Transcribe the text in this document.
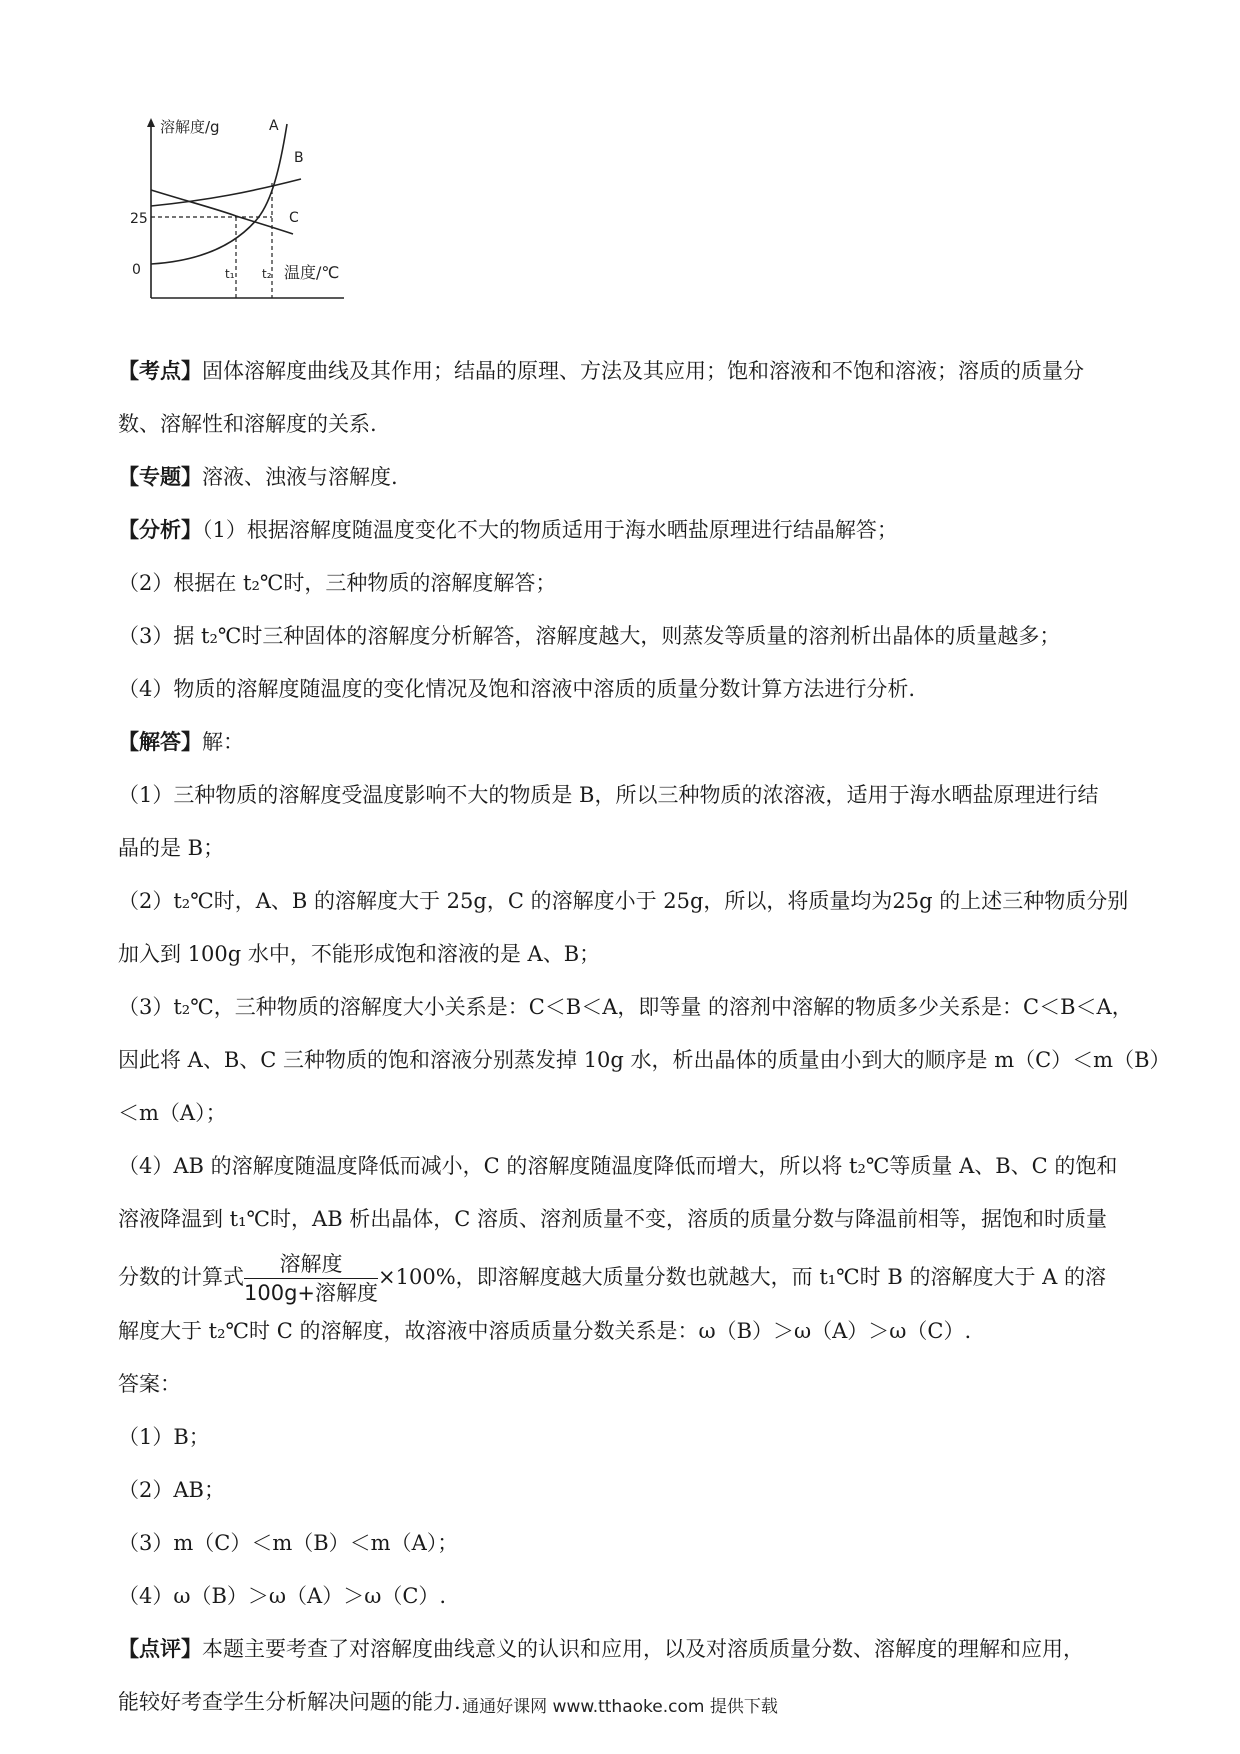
溶解度/g	A
B
C
25
0	t₁ t₂ 温度/℃
【考点】固体溶解度曲线及其作用；结晶的原理、方法及其应用；饱和溶液和不饱和溶液；溶质的质量分
数、溶解性和溶解度的关系.
【专题】溶液、浊液与溶解度.
【分析】（1）根据溶解度随温度变化不大的物质适用于海水晒盐原理进行结晶解答；
（2）根据在 t₂℃时，三种物质的溶解度解答；
（3）据 t₂℃时三种固体的溶解度分析解答，溶解度越大，则蒸发等质量的溶剂析出晶体的质量越多；
（4）物质的溶解度随温度的变化情况及饱和溶液中溶质的质量分数计算方法进行分析.
【解答】解：
（1）三种物质的溶解度受温度影响不大的物质是 B，所以三种物质的浓溶液，适用于海水晒盐原理进行结
晶的是 B；
（2）t₂℃时，A、B 的溶解度大于 25g，C 的溶解度小于 25g，所以，将质量均为25g 的上述三种物质分别
加入到 100g 水中，不能形成饱和溶液的是 A、B；
（3）t₂℃，三种物质的溶解度大小关系是：C＜B＜A，即等量 的溶剂中溶解的物质多少关系是：C＜B＜A，
因此将 A、B、C 三种物质的饱和溶液分别蒸发掉 10g 水，析出晶体的质量由小到大的顺序是 m（C）＜m（B）
＜m（A）；
（4）AB 的溶解度随温度降低而减小，C 的溶解度随温度降低而增大，所以将 t₂℃等质量 A、B、C 的饱和
溶液降温到 t₁℃时，AB 析出晶体，C 溶质、溶剂质量不变，溶质的质量分数与降温前相等，据饱和时质量
分数的计算式 $\frac{\text{溶解度}}{\text{100g+溶解度}} \times 100\%$，即溶解度越大质量分数也就越大，而 t₁℃时 B 的溶解度大于 A 的溶
解度大于 t₂℃时 C 的溶解度，故溶液中溶质质量分数关系是：ω（B）＞ω（A）＞ω（C）.
答案：
（1）B；
（2）AB；
（3）m（C）＜m（B）＜m（A）；
（4）ω（B）＞ω（A）＞ω（C）.
【点评】本题主要考查了对溶解度曲线意义的认识和应用，以及对溶质质量分数、溶解度的理解和应用，
能较好考查学生分析解决问题的能力. 通通好课网 www.tthaoke.com 提供下载
